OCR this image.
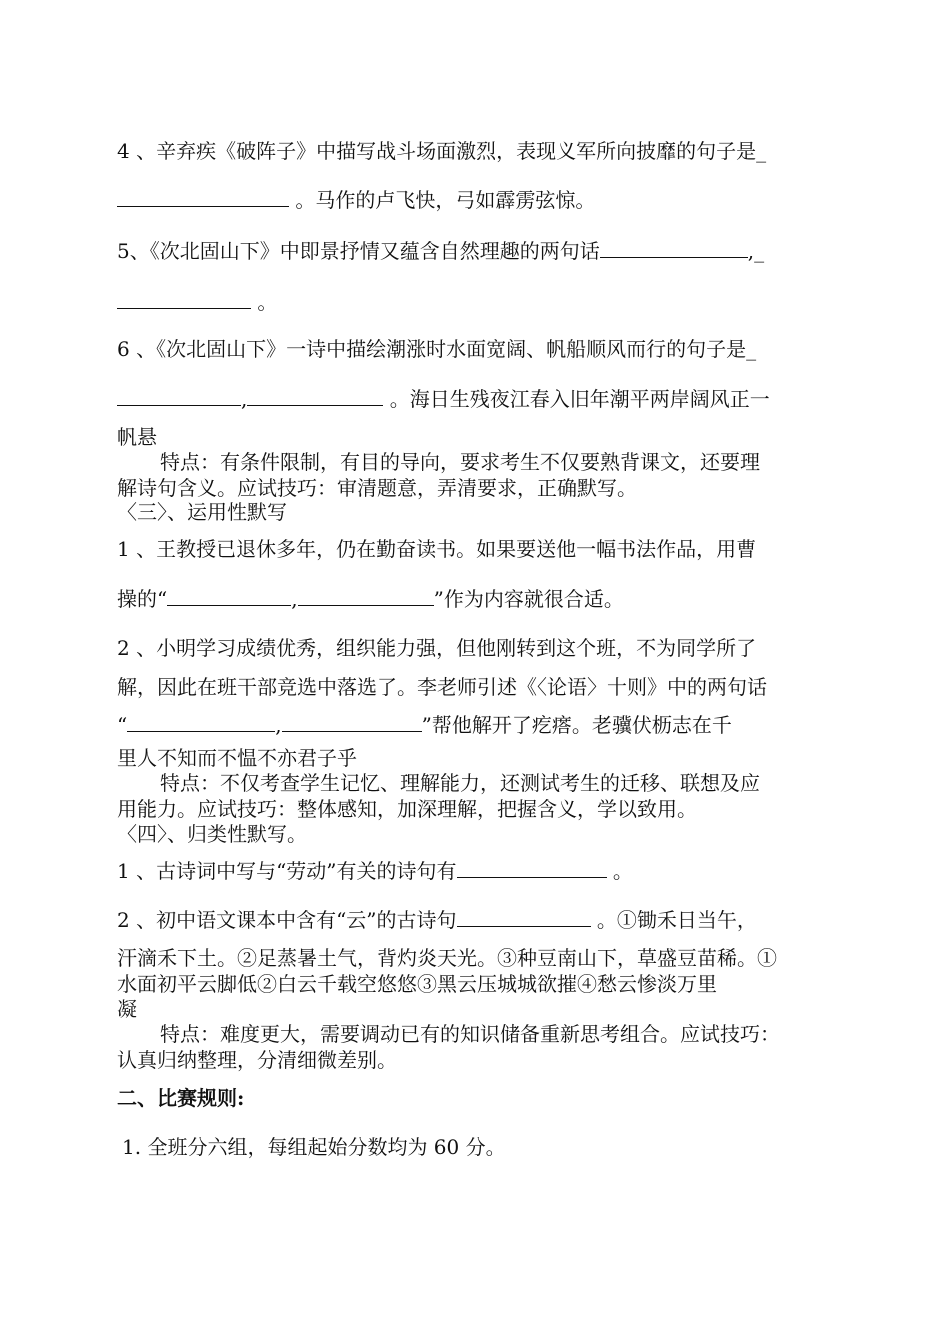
4 、辛弃疾《破阵子》中描写战斗场面激烈，表现义军所向披靡的句子是_
。马作的卢飞快，弓如霹雳弦惊。
5、《次北固山下》中即景抒情又蕴含自然理趣的两句话	,_
。
6 、《次北固山下》一诗中描绘潮涨时水面宽阔、帆船顺风而行的句子是_
,	。海日生残夜江春入旧年潮平两岸阔风正一
帆悬
特点：有条件限制，有目的导向，要求考生不仅要熟背课文，还要理
解诗句含义。应试技巧：审清题意，弄清要求，正确默写。
〈三〉、运用性默写
1 、王教授已退休多年，仍在勤奋读书。如果要送他一幅书法作品，用曹
操的“	,	”作为内容就很合适。
2 、小明学习成绩优秀，组织能力强，但他刚转到这个班，不为同学所了
解，因此在班干部竞选中落选了。李老师引述《〈论语〉十则》中的两句话
“	,	”帮他解开了疙瘩。老骥伏枥志在千
里人不知而不愠不亦君子乎
特点：不仅考查学生记忆、理解能力，还测试考生的迁移、联想及应
用能力。应试技巧：整体感知，加深理解，把握含义，学以致用。
〈四〉、归类性默写。
1 、古诗词中写与“劳动”有关的诗句有	。
2 、初中语文课本中含有“云”的古诗句	。①锄禾日当午，
汗滴禾下土。②足蒸暑土气，背灼炎天光。③种豆南山下，草盛豆苗稀。①
水面初平云脚低②白云千载空悠悠③黑云压城城欲摧④愁云惨淡万里
凝
特点：难度更大，需要调动已有的知识储备重新思考组合。应试技巧：
认真归纳整理，分清细微差别。
二、比赛规则:
1. 全班分六组，每组起始分数均为 60 分。
